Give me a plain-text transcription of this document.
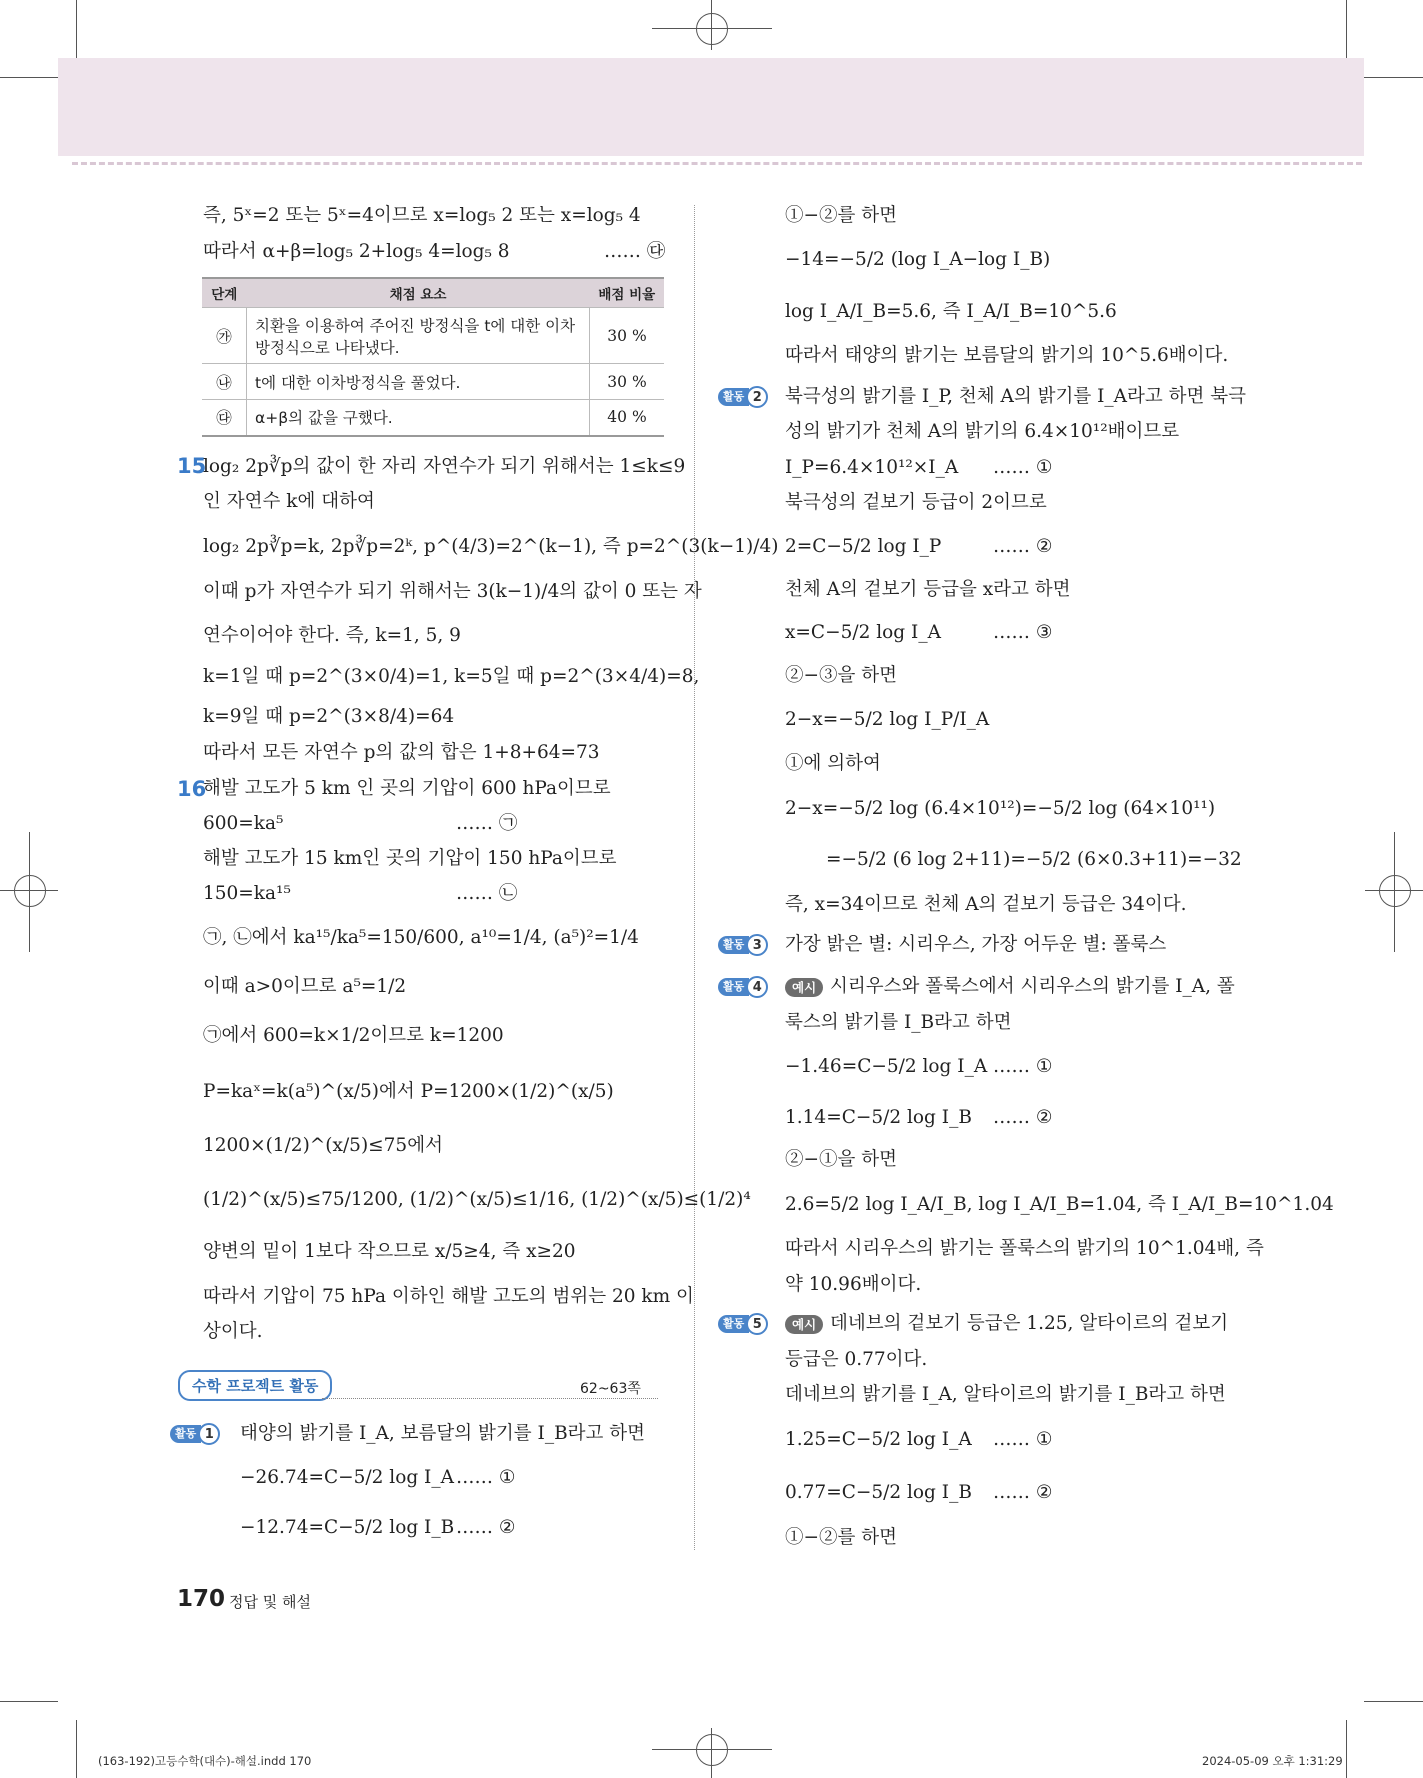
즉, 5ˣ=2 또는 5ˣ=4이므로 x=log₅ 2 또는 x=log₅ 4
따라서 α+β=log₅ 2+log₅ 4=log₅ 8	…… ㉰
단계	채점 요소	배점 비율
㉮	치환을 이용하여 주어진 방정식을 t에 대한 이차방정식으로 나타냈다.	30 %
㉯	t에 대한 이차방정식을 풀었다.	30 %
㉰	α+β의 값을 구했다.	40 %
15
log₂ 2p∛p의 값이 한 자리 자연수가 되기 위해서는 1≤k≤9
인 자연수 k에 대하여
log₂ 2p∛p=k, 2p∛p=2ᵏ, p^(4/3)=2^(k−1), 즉 p=2^(3(k−1)/4)
이때 p가 자연수가 되기 위해서는 3(k−1)/4의 값이 0 또는 자
연수이어야 한다. 즉, k=1, 5, 9
k=1일 때 p=2^(3×0/4)=1, k=5일 때 p=2^(3×4/4)=8,
k=9일 때 p=2^(3×8/4)=64
따라서 모든 자연수 p의 값의 합은 1+8+64=73
16
해발 고도가 5 km 인 곳의 기압이 600 hPa이므로
600=ka⁵	…… ㉠
해발 고도가 15 km인 곳의 기압이 150 hPa이므로
150=ka¹⁵	…… ㉡
㉠, ㉡에서 ka¹⁵/ka⁵=150/600, a¹⁰=1/4, (a⁵)²=1/4
이때 a>0이므로 a⁵=1/2
㉠에서 600=k×1/2이므로 k=1200
P=kaˣ=k(a⁵)^(x/5)에서 P=1200×(1/2)^(x/5)
1200×(1/2)^(x/5)≤75에서
(1/2)^(x/5)≤75/1200, (1/2)^(x/5)≤1/16, (1/2)^(x/5)≤(1/2)⁴
양변의 밑이 1보다 작으므로 x/5≥4, 즉 x≥20
따라서 기압이 75 hPa 이하인 해발 고도의 범위는 20 km 이
상이다.
수학 프로젝트 활동	62~63쪽
활동 1	태양의 밝기를 I_A, 보름달의 밝기를 I_B라고 하면
−26.74=C−5/2 log I_A …… ①
−12.74=C−5/2 log I_B …… ②
①−②를 하면
−14=−5/2 (log I_A−log I_B)
log I_A/I_B=5.6, 즉 I_A/I_B=10^5.6
따라서 태양의 밝기는 보름달의 밝기의 10^5.6배이다.
활동 2	북극성의 밝기를 I_P, 천체 A의 밝기를 I_A라고 하면 북극
성의 밝기가 천체 A의 밝기의 6.4×10¹²배이므로
I_P=6.4×10¹²×I_A …… ①
북극성의 겉보기 등급이 2이므로
2=C−5/2 log I_P	…… ②
천체 A의 겉보기 등급을 x라고 하면
x=C−5/2 log I_A	…… ③
②−③을 하면
2−x=−5/2 log I_P/I_A
①에 의하여
2−x=−5/2 log (6.4×10¹²)=−5/2 log (64×10¹¹)
=−5/2 (6 log 2+11)=−5/2 (6×0.3+11)=−32
즉, x=34이므로 천체 A의 겉보기 등급은 34이다.
활동 3	가장 밝은 별: 시리우스, 가장 어두운 별: 폴룩스
활동 4	예시 시리우스와 폴룩스에서 시리우스의 밝기를 I_A, 폴
룩스의 밝기를 I_B라고 하면
−1.46=C−5/2 log I_A …… ①
1.14=C−5/2 log I_B …… ②
②−①을 하면
2.6=5/2 log I_A/I_B, log I_A/I_B=1.04, 즉 I_A/I_B=10^1.04
따라서 시리우스의 밝기는 폴룩스의 밝기의 10^1.04배, 즉
약 10.96배이다.
활동 5	예시 데네브의 겉보기 등급은 1.25, 알타이르의 겉보기
등급은 0.77이다.
데네브의 밝기를 I_A, 알타이르의 밝기를 I_B라고 하면
1.25=C−5/2 log I_A …… ①
0.77=C−5/2 log I_B …… ②
①−②를 하면
170 정답 및 해설
(163-192)고등수학(대수)-해설.indd 170	2024-05-09 오후 1:31:29
